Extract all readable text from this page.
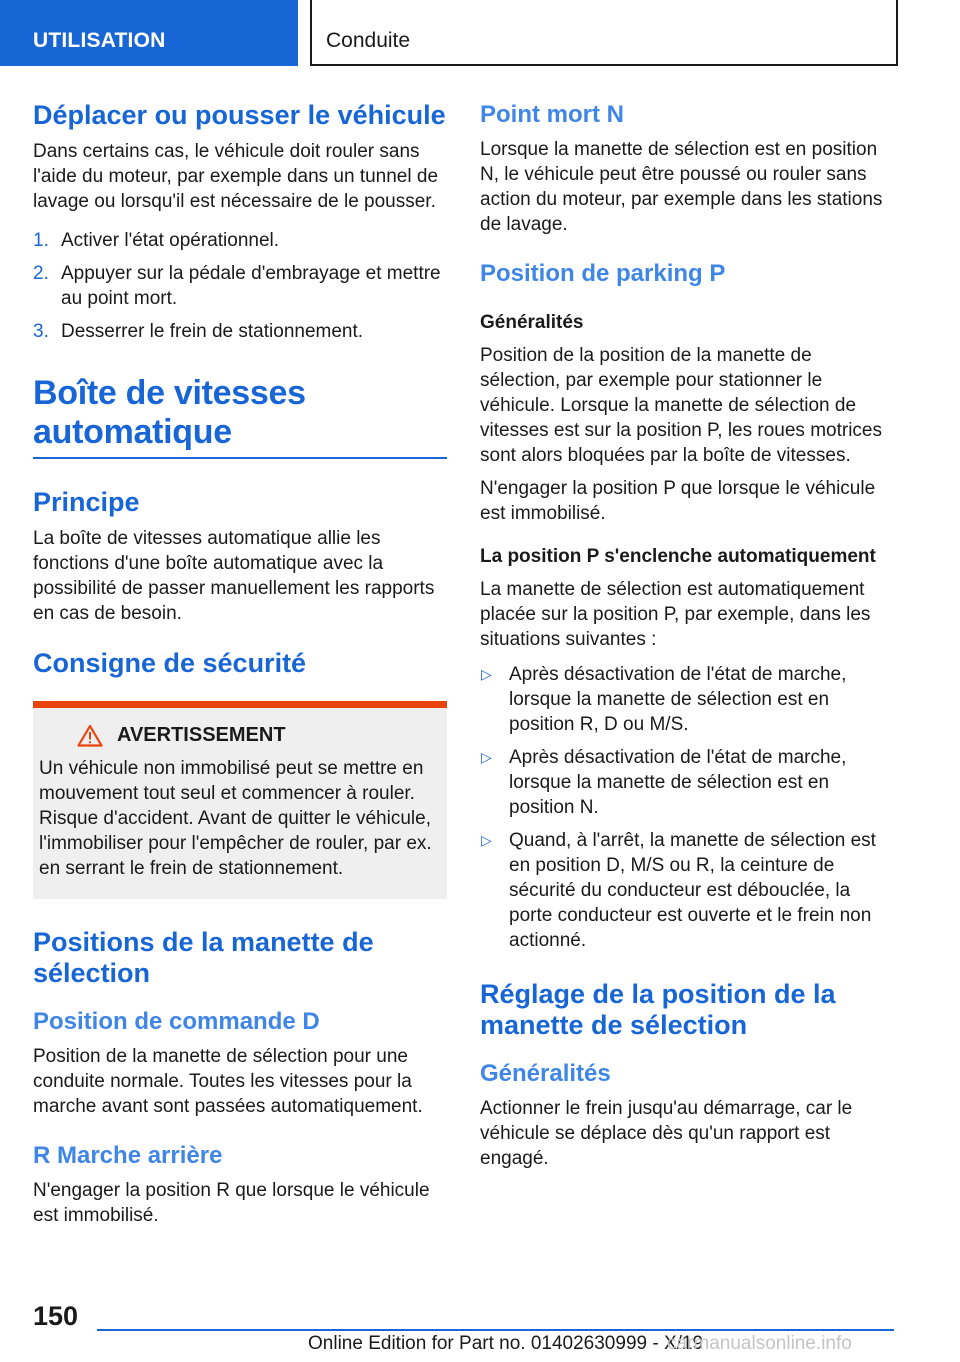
UTILISATION	Conduite
Déplacer ou pousser le véhicule

Dans certains cas, le véhicule doit rouler sans l'aide du moteur, par exemple dans un tunnel de lavage ou lorsqu'il est nécessaire de le pousser.

1. Activer l'état opérationnel.
2. Appuyer sur la pédale d'embrayage et mettre au point mort.
3. Desserrer le frein de stationnement.
Boîte de vitesses automatique
Principe

La boîte de vitesses automatique allie les fonctions d'une boîte automatique avec la possibilité de passer manuellement les rapports en cas de besoin.

Consigne de sécurité
AVERTISSEMENT

Un véhicule non immobilisé peut se mettre en mouvement tout seul et commencer à rouler. Risque d'accident. Avant de quitter le véhicule, l'immobiliser pour l'empêcher de rouler, par ex. en serrant le frein de stationnement.

Positions de la manette de sélection
Position de commande D

Position de la manette de sélection pour une conduite normale. Toutes les vitesses pour la marche avant sont passées automatiquement.

R Marche arrière

N'engager la position R que lorsque le véhicule est immobilisé.

Point mort N

Lorsque la manette de sélection est en position N, le véhicule peut être poussé ou rouler sans action du moteur, par exemple dans les stations de lavage.

Position de parking P
Généralités

Position de la position de la manette de sélection, par exemple pour stationner le véhicule. Lorsque la manette de sélection de vitesses est sur la position P, les roues motrices sont alors bloquées par la boîte de vitesses.

N'engager la position P que lorsque le véhicule est immobilisé.

La position P s'enclenche automatiquement

La manette de sélection est automatiquement placée sur la position P, par exemple, dans les situations suivantes :

▷ Après désactivation de l'état de marche, lorsque la manette de sélection est en position R, D ou M/S.
▷ Après désactivation de l'état de marche, lorsque la manette de sélection est en position N.
▷ Quand, à l'arrêt, la manette de sélection est en position D, M/S ou R, la ceinture de sécurité du conducteur est débouclée, la porte conducteur est ouverte et le frein non actionné.
Réglage de la position de la manette de sélection
Généralités

Actionner le frein jusqu'au démarrage, car le véhicule se déplace dès qu'un rapport est engagé.

150
Online Edition for Part no. 01402630999 - X/19
carmanualsonline.info
